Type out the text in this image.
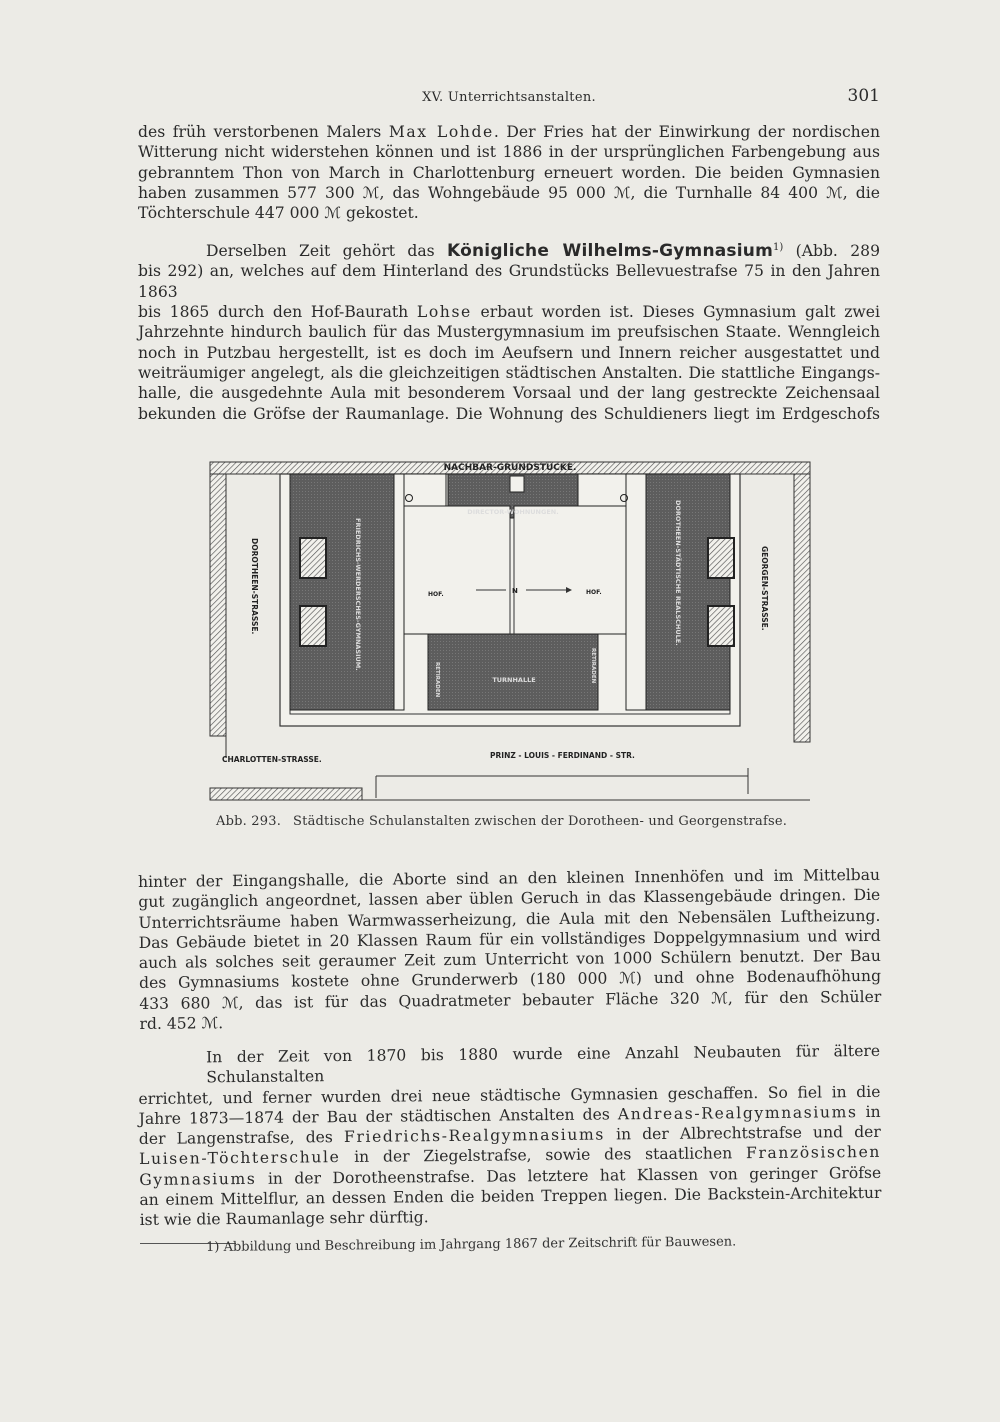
XV. Unterrichtsanstalten.	301
des früh verstorbenen Malers Max Lohde. Der Fries hat der Einwirkung der nordischen
Witterung nicht widerstehen können und ist 1886 in der ursprünglichen Farbengebung aus
gebranntem Thon von March in Charlottenburg erneuert worden. Die beiden Gymnasien
haben zusammen 577 300 ℳ, das Wohngebäude 95 000 ℳ, die Turnhalle 84 400 ℳ, die
Töchterschule 447 000 ℳ gekostet.
Derselben Zeit gehört das Königliche Wilhelms-Gymnasium$^{1)}$ (Abb. 289
bis 292) an, welches auf dem Hinterland des Grundstücks Bellevuestrafse 75 in den Jahren 1863
bis 1865 durch den Hof-Baurath Lohse erbaut worden ist. Dieses Gymnasium galt zwei
Jahrzehnte hindurch baulich für das Mustergymnasium im preufsischen Staate. Wenngleich
noch in Putzbau hergestellt, ist es doch im Aeufsern und Innern reicher ausgestattet und
weiträumiger angelegt, als die gleichzeitigen städtischen Anstalten. Die stattliche Eingangs-
halle, die ausgedehnte Aula mit besonderem Vorsaal und der lang gestreckte Zeichensaal
bekunden die Gröfse der Raumanlage. Die Wohnung des Schuldieners liegt im Erdgeschofs
NACHBAR-GRUNDSTÜCKE.
DOROTHEEN-STRASSE.	GEORGEN-STRASSE.
PRINZ - LOUIS - FERDINAND - STR.
CHARLOTTEN-STRASSE.
DIRECTOR-WOHNUNGEN.
FRIEDRICHS-WERDERSCHES-GYMNASIUM.	DOROTHEEN-STÄDTISCHE REALSCHULE.
TURNHALLE
RETIRADEN	RETIRADEN
HOF.	HOF.
N
Abb. 293. Städtische Schulanstalten zwischen der Dorotheen- und Georgenstrafse.
hinter der Eingangshalle, die Aborte sind an den kleinen Innenhöfen und im Mittelbau
gut zugänglich angeordnet, lassen aber üblen Geruch in das Klassengebäude dringen. Die
Unterrichtsräume haben Warmwasserheizung, die Aula mit den Nebensälen Luftheizung.
Das Gebäude bietet in 20 Klassen Raum für ein vollständiges Doppelgymnasium und wird
auch als solches seit geraumer Zeit zum Unterricht von 1000 Schülern benutzt. Der Bau
des Gymnasiums kostete ohne Grunderwerb (180 000 ℳ) und ohne Bodenaufhöhung
433 680 ℳ, das ist für das Quadratmeter bebauter Fläche 320 ℳ, für den Schüler
rd. 452 ℳ.
In der Zeit von 1870 bis 1880 wurde eine Anzahl Neubauten für ältere Schulanstalten
errichtet, und ferner wurden drei neue städtische Gymnasien geschaffen. So fiel in die
Jahre 1873—1874 der Bau der städtischen Anstalten des Andreas-Realgymnasiums in
der Langenstrafse, des Friedrichs-Realgymnasiums in der Albrechtstrafse und der
Luisen-Töchterschule in der Ziegelstrafse, sowie des staatlichen Französischen
Gymnasiums in der Dorotheenstrafse. Das letztere hat Klassen von geringer Gröfse
an einem Mittelflur, an dessen Enden die beiden Treppen liegen. Die Backstein-Architektur
ist wie die Raumanlage sehr dürftig.
1) Abbildung und Beschreibung im Jahrgang 1867 der Zeitschrift für Bauwesen.
